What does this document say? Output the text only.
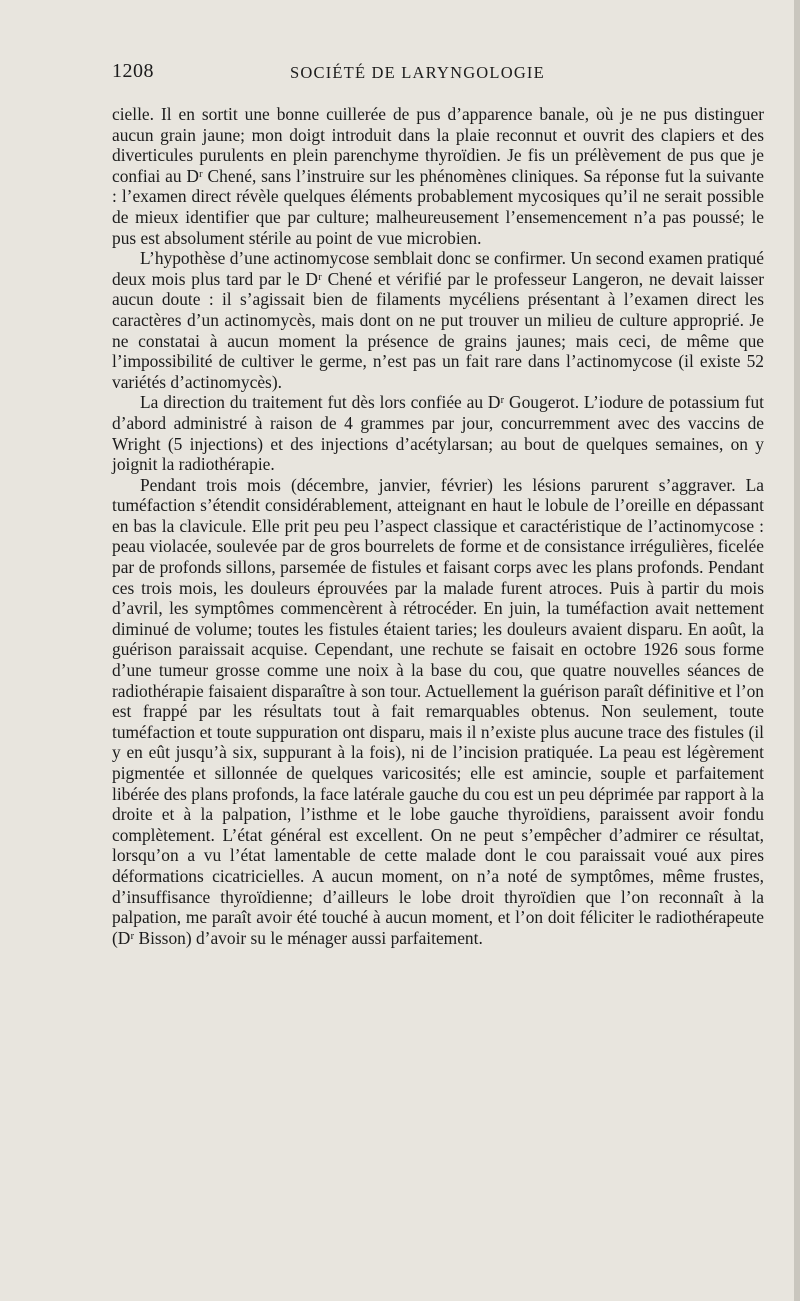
1208	SOCIÉTÉ DE LARYNGOLOGIE

cielle. Il en sortit une bonne cuillerée de pus d’apparence banale, où je ne pus distinguer aucun grain jaune; mon doigt introduit dans la plaie reconnut et ouvrit des clapiers et des diverticules purulents en plein parenchyme thyroïdien. Je fis un prélèvement de pus que je confiai au Dʳ Chené, sans l’instruire sur les phénomènes cliniques. Sa réponse fut la suivante : l’examen direct révèle quelques éléments probablement mycosiques qu’il ne serait possible de mieux identifier que par culture; malheureusement l’ensemencement n’a pas poussé; le pus est absolument stérile au point de vue microbien.

L’hypothèse d’une actinomycose semblait donc se confirmer. Un second examen pratiqué deux mois plus tard par le Dʳ Chené et vérifié par le professeur Langeron, ne devait laisser aucun doute : il s’agissait bien de filaments mycéliens présentant à l’examen direct les caractères d’un actinomycès, mais dont on ne put trouver un milieu de culture approprié. Je ne constatai à aucun moment la présence de grains jaunes; mais ceci, de même que l’impossibilité de cultiver le germe, n’est pas un fait rare dans l’actinomycose (il existe 52 variétés d’actinomycès).

La direction du traitement fut dès lors confiée au Dʳ Gougerot. L’iodure de potassium fut d’abord administré à raison de 4 grammes par jour, concurremment avec des vaccins de Wright (5 injections) et des injections d’acétylarsan; au bout de quelques semaines, on y joignit la radiothérapie.

Pendant trois mois (décembre, janvier, février) les lésions parurent s’aggraver. La tuméfaction s’étendit considérablement, atteignant en haut le lobule de l’oreille en dépassant en bas la clavicule. Elle prit peu peu l’aspect classique et caractéristique de l’actinomycose : peau violacée, soulevée par de gros bourrelets de forme et de consistance irrégulières, ficelée par de profonds sillons, parsemée de fistules et faisant corps avec les plans profonds. Pendant ces trois mois, les douleurs éprouvées par la malade furent atroces. Puis à partir du mois d’avril, les symptômes commencèrent à rétrocéder. En juin, la tuméfaction avait nettement diminué de volume; toutes les fistules étaient taries; les douleurs avaient disparu. En août, la guérison paraissait acquise. Cependant, une rechute se faisait en octobre 1926 sous forme d’une tumeur grosse comme une noix à la base du cou, que quatre nouvelles séances de radiothérapie faisaient disparaître à son tour. Actuellement la guérison paraît définitive et l’on est frappé par les résultats tout à fait remarquables obtenus. Non seulement, toute tuméfaction et toute suppuration ont disparu, mais il n’existe plus aucune trace des fistules (il y en eût jusqu’à six, suppurant à la fois), ni de l’incision pratiquée. La peau est légèrement pigmentée et sillonnée de quelques varicosités; elle est amincie, souple et parfaitement libérée des plans profonds, la face latérale gauche du cou est un peu déprimée par rapport à la droite et à la palpation, l’isthme et le lobe gauche thyroïdiens, paraissent avoir fondu complètement. L’état général est excellent. On ne peut s’empêcher d’admirer ce résultat, lorsqu’on a vu l’état lamentable de cette malade dont le cou paraissait voué aux pires déformations cicatricielles. A aucun moment, on n’a noté de symptômes, même frustes, d’insuffisance thyroïdienne; d’ailleurs le lobe droit thyroïdien que l’on reconnaît à la palpation, me paraît avoir été touché à aucun moment, et l’on doit féliciter le radiothérapeute (Dʳ Bisson) d’avoir su le ménager aussi parfaitement.
